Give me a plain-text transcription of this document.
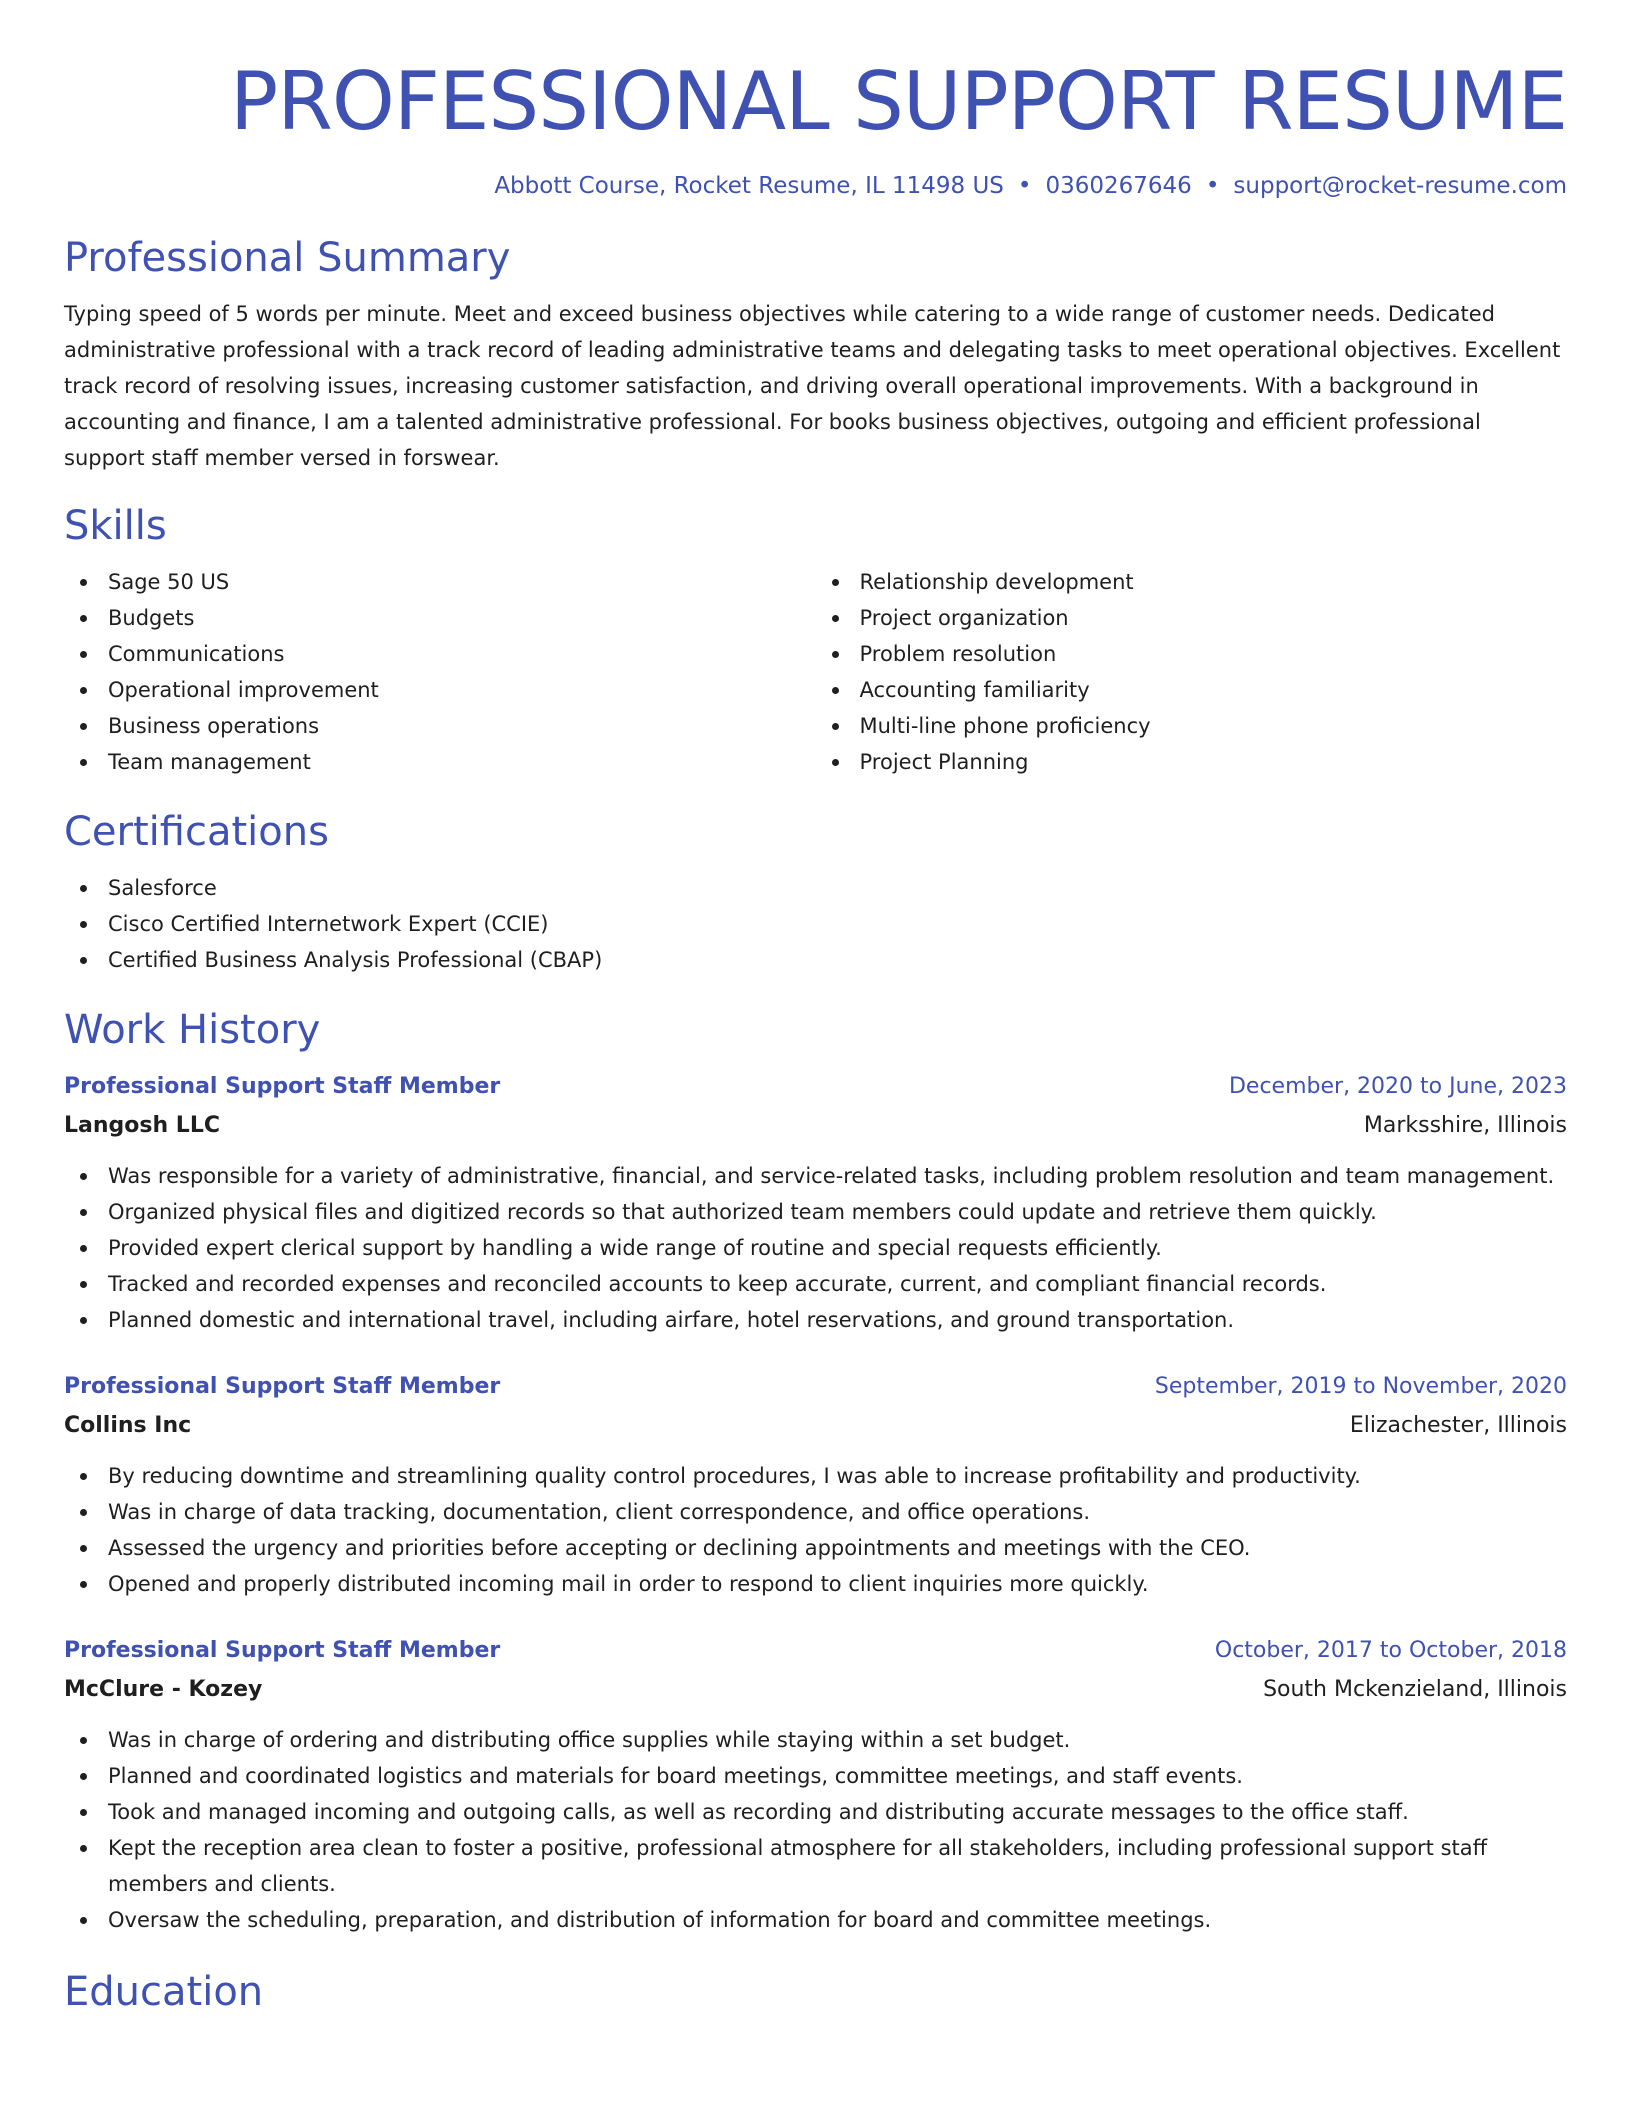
PROFESSIONAL SUPPORT RESUME
Abbott Course, Rocket Resume, IL 11498 US • 0360267646 • support@rocket-resume.com
Professional Summary
Typing speed of 5 words per minute. Meet and exceed business objectives while catering to a wide range of customer needs. Dedicated administrative professional with a track record of leading administrative teams and delegating tasks to meet operational objectives. Excellent track record of resolving issues, increasing customer satisfaction, and driving overall operational improvements. With a background in accounting and finance, I am a talented administrative professional. For books business objectives, outgoing and efficient professional support staff member versed in forswear.
Skills
Sage 50 US
Budgets
Communications
Operational improvement
Business operations
Team management
Relationship development
Project organization
Problem resolution
Accounting familiarity
Multi-line phone proficiency
Project Planning
Certifications
Salesforce
Cisco Certified Internetwork Expert (CCIE)
Certified Business Analysis Professional (CBAP)
Work History
Professional Support Staff Member	December, 2020 to June, 2023
Langosh LLC	Marksshire, Illinois
Was responsible for a variety of administrative, financial, and service-related tasks, including problem resolution and team management.
Organized physical files and digitized records so that authorized team members could update and retrieve them quickly.
Provided expert clerical support by handling a wide range of routine and special requests efficiently.
Tracked and recorded expenses and reconciled accounts to keep accurate, current, and compliant financial records.
Planned domestic and international travel, including airfare, hotel reservations, and ground transportation.
Professional Support Staff Member	September, 2019 to November, 2020
Collins Inc	Elizachester, Illinois
By reducing downtime and streamlining quality control procedures, I was able to increase profitability and productivity.
Was in charge of data tracking, documentation, client correspondence, and office operations.
Assessed the urgency and priorities before accepting or declining appointments and meetings with the CEO.
Opened and properly distributed incoming mail in order to respond to client inquiries more quickly.
Professional Support Staff Member	October, 2017 to October, 2018
McClure - Kozey	South Mckenzieland, Illinois
Was in charge of ordering and distributing office supplies while staying within a set budget.
Planned and coordinated logistics and materials for board meetings, committee meetings, and staff events.
Took and managed incoming and outgoing calls, as well as recording and distributing accurate messages to the office staff.
Kept the reception area clean to foster a positive, professional atmosphere for all stakeholders, including professional support staff members and clients.
Oversaw the scheduling, preparation, and distribution of information for board and committee meetings.
Education
